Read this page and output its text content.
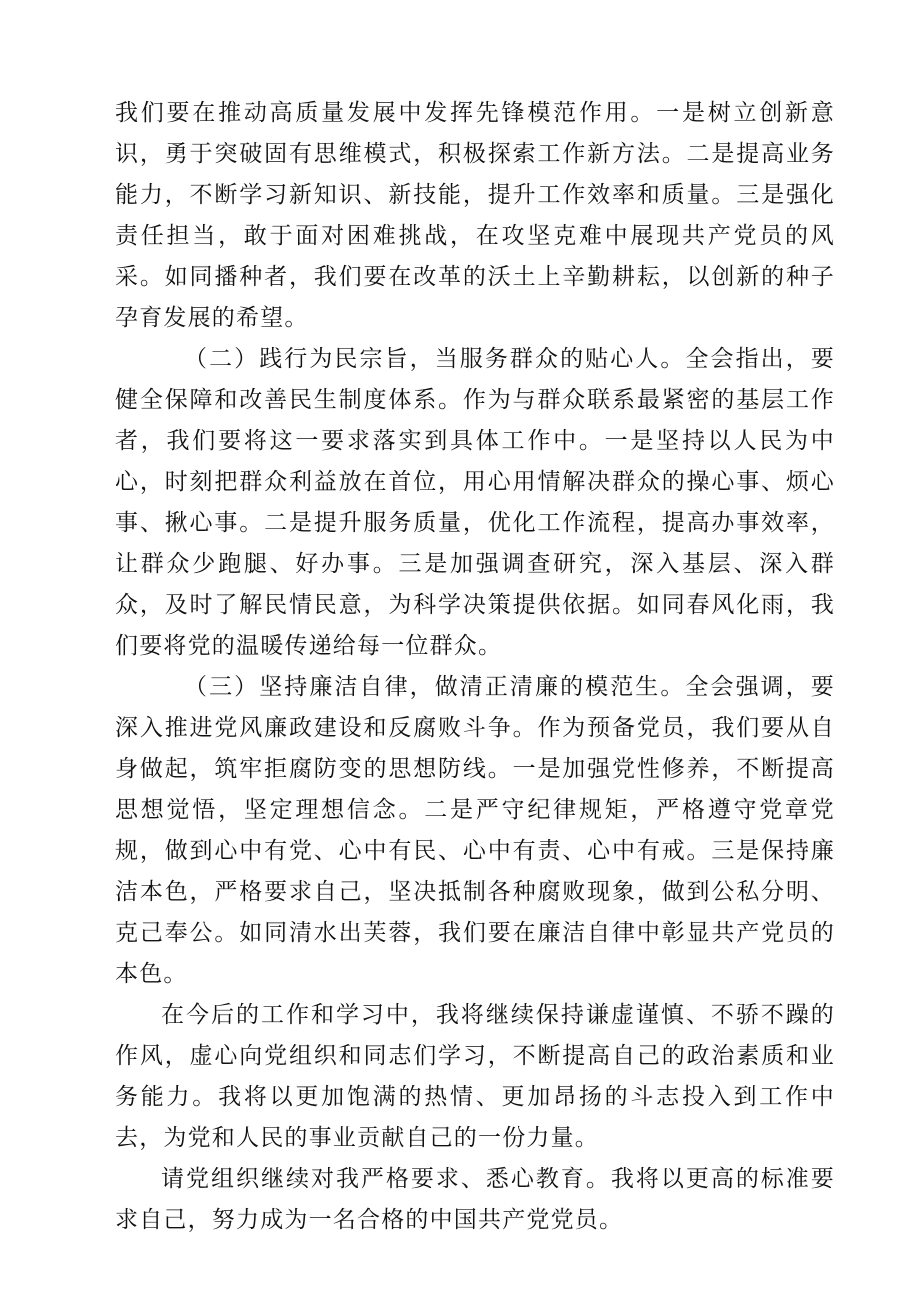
我们要在推动高质量发展中发挥先锋模范作用。一是树立创新意识，勇于突破固有思维模式，积极探索工作新方法。二是提高业务能力，不断学习新知识、新技能，提升工作效率和质量。三是强化责任担当，敢于面对困难挑战，在攻坚克难中展现共产党员的风采。如同播种者，我们要在改革的沃土上辛勤耕耘，以创新的种子孕育发展的希望。

（二）践行为民宗旨，当服务群众的贴心人。全会指出，要健全保障和改善民生制度体系。作为与群众联系最紧密的基层工作者，我们要将这一要求落实到具体工作中。一是坚持以人民为中心，时刻把群众利益放在首位，用心用情解决群众的操心事、烦心事、揪心事。二是提升服务质量，优化工作流程，提高办事效率，让群众少跑腿、好办事。三是加强调查研究，深入基层、深入群众，及时了解民情民意，为科学决策提供依据。如同春风化雨，我们要将党的温暖传递给每一位群众。

（三）坚持廉洁自律，做清正清廉的模范生。全会强调，要深入推进党风廉政建设和反腐败斗争。作为预备党员，我们要从自身做起，筑牢拒腐防变的思想防线。一是加强党性修养，不断提高思想觉悟，坚定理想信念。二是严守纪律规矩，严格遵守党章党规，做到心中有党、心中有民、心中有责、心中有戒。三是保持廉洁本色，严格要求自己，坚决抵制各种腐败现象，做到公私分明、克己奉公。如同清水出芙蓉，我们要在廉洁自律中彰显共产党员的本色。

在今后的工作和学习中，我将继续保持谦虚谨慎、不骄不躁的作风，虚心向党组织和同志们学习，不断提高自己的政治素质和业务能力。我将以更加饱满的热情、更加昂扬的斗志投入到工作中去，为党和人民的事业贡献自己的一份力量。

请党组织继续对我严格要求、悉心教育。我将以更高的标准要求自己，努力成为一名合格的中国共产党党员。
